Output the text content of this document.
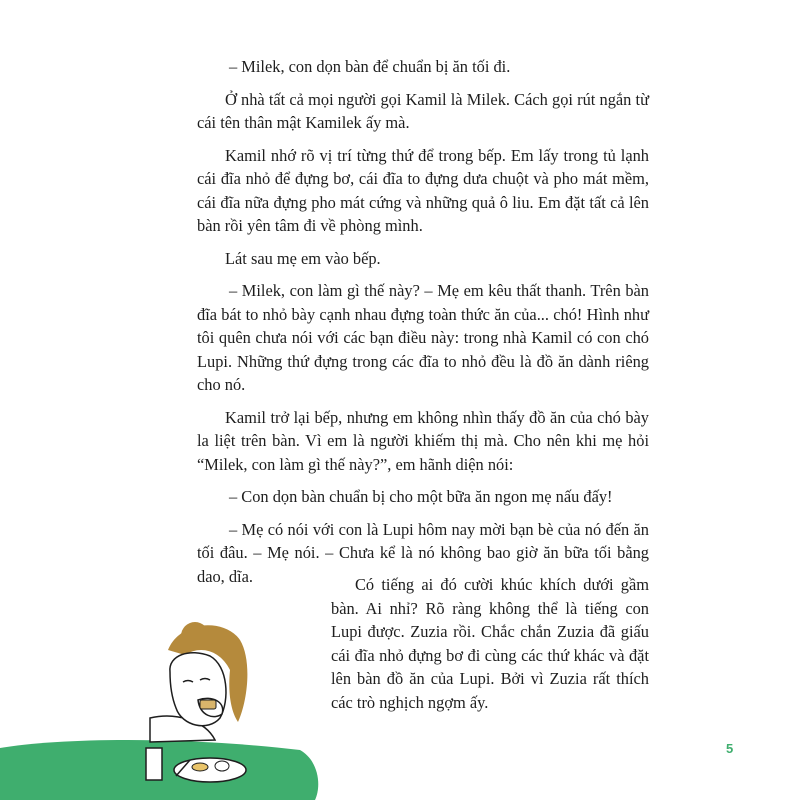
– Milek, con dọn bàn để chuẩn bị ăn tối đi.

Ở nhà tất cả mọi người gọi Kamil là Milek. Cách gọi rút ngắn từ cái tên thân mật Kamilek ấy mà.

Kamil nhớ rõ vị trí từng thứ để trong bếp. Em lấy trong tủ lạnh cái đĩa nhỏ để đựng bơ, cái đĩa to đựng dưa chuột và pho mát mềm, cái đĩa nữa đựng pho mát cứng và những quả ô liu. Em đặt tất cả lên bàn rồi yên tâm đi về phòng mình.

Lát sau mẹ em vào bếp.

– Milek, con làm gì thế này? – Mẹ em kêu thất thanh. Trên bàn đĩa bát to nhỏ bày cạnh nhau đựng toàn thức ăn của... chó! Hình như tôi quên chưa nói với các bạn điều này: trong nhà Kamil có con chó Lupi. Những thứ đựng trong các đĩa to nhỏ đều là đồ ăn dành riêng cho nó.

Kamil trở lại bếp, nhưng em không nhìn thấy đồ ăn của chó bày la liệt trên bàn. Vì em là người khiếm thị mà. Cho nên khi mẹ hỏi “Milek, con làm gì thế này?”, em hãnh diện nói:

– Con dọn bàn chuẩn bị cho một bữa ăn ngon mẹ nấu đấy!

– Mẹ có nói với con là Lupi hôm nay mời bạn bè của nó đến ăn tối đâu. – Mẹ nói. – Chưa kể là nó không bao giờ ăn bữa tối bằng dao, dĩa.	Có tiếng ai đó cười khúc khích dưới gầm bàn. Ai nhỉ? Rõ ràng không thể là tiếng con Lupi được. Zuzia rồi. Chắc chắn Zuzia đã giấu cái đĩa nhỏ đựng bơ đi cùng các thứ khác và đặt lên bàn đồ ăn của Lupi. Bởi vì Zuzia rất thích các trò nghịch ngợm ấy.

5
